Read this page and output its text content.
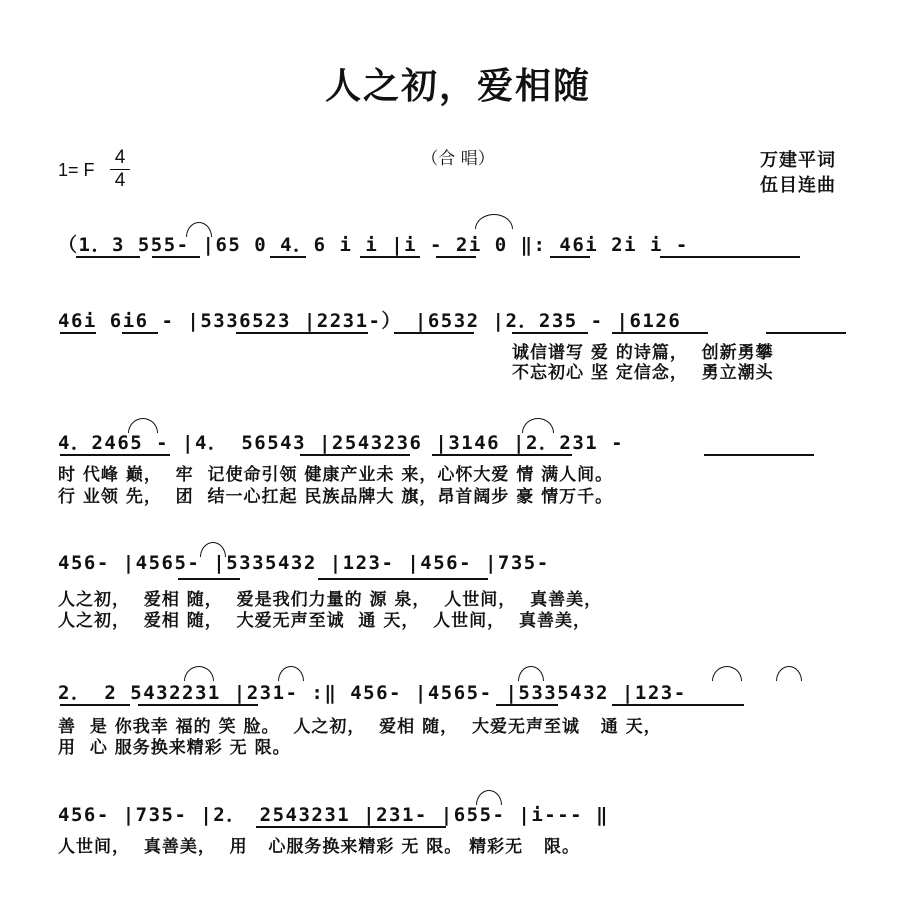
人之初，爱相随
（合 唱）
1= F
4
4
万建平词
伍目连曲
（1．3 555- |65 0 4．6 i i |i - 2i 0 ‖: 46i 2i i -
46i 6i6 - |5336523 |2231-） |6532 |2．235 - |6126
诚信谱写 爱 的诗篇，  创新勇攀
不忘初心 坚 定信念，  勇立潮头
4．2465 - |4． 56543 |2543236 |3146 |2．231 -
时 代峰 巅，  牢  记使命引领 健康产业未 来，心怀大爱 情 满人间。
行 业领 先，  团  结一心扛起 民族品牌大 旗，昂首阔步 豪 情万千。
456- |4565- |5335432 |123- |456- |735-
人之初，  爱相 随，  爱是我们力量的 源 泉，  人世间，  真善美，
人之初，  爱相 随，  大爱无声至诚  通 天，  人世间，  真善美，
2． 2 5432231 |231- :‖ 456- |4565- |5335432 |123-
善  是 你我幸 福的 笑 脸。  人之初，  爱相 随，  大爱无声至诚   通 天，
用  心 服务换来精彩 无 限。
456- |735- |2． 2543231 |231- |655- |i--- ‖
人世间，  真善美，  用   心服务换来精彩 无 限。 精彩无   限。
